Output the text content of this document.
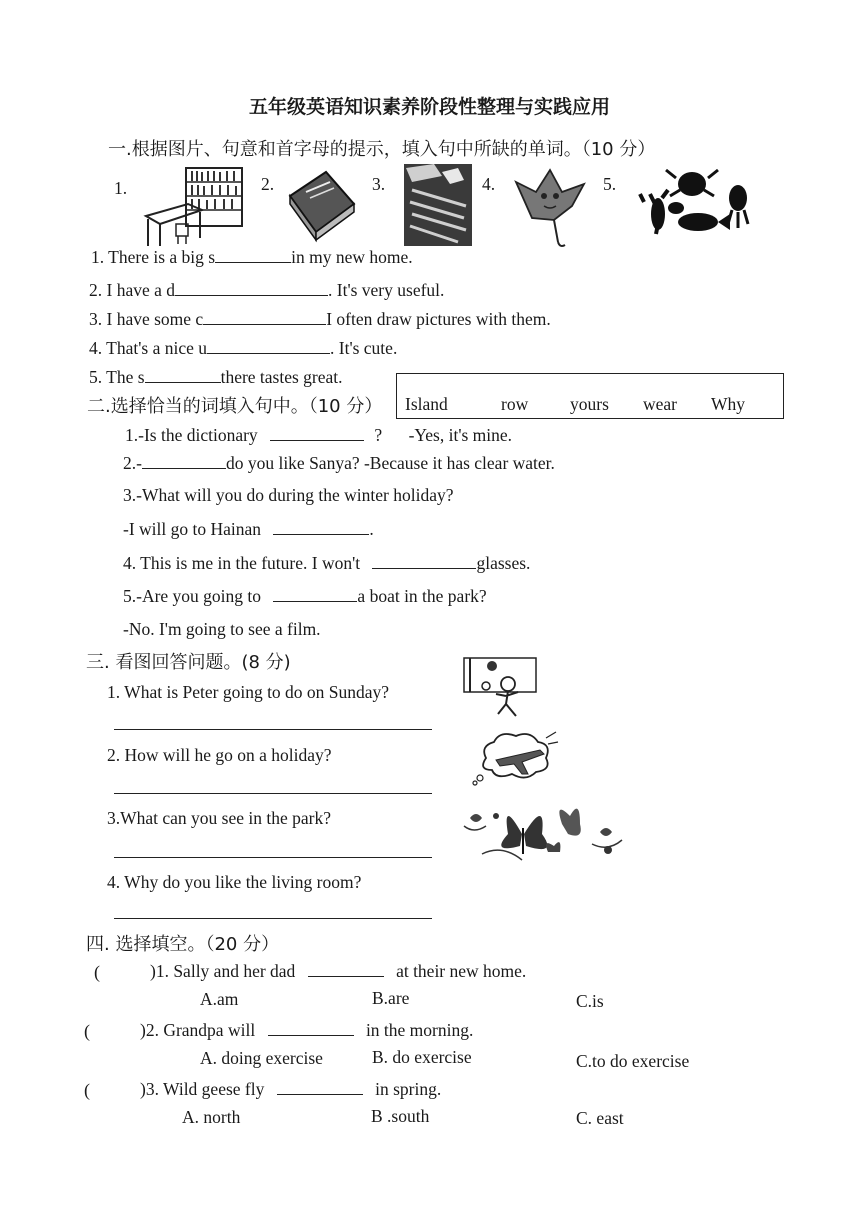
五年级英语知识素养阶段性整理与实践应用
一.根据图片、句意和首字母的提示，填入句中所缺的单词。（10 分）
1.	2.	3.	4.	5.
1. There is a big s	in my new home.
2. I have a d	. It's very useful.
3. I have some c	I often draw pictures with them.
4. That's a nice u	. It's cute.
5. The s	there tastes great.
二.选择恰当的词填入句中。（10 分） Island	row yours wear Why
1.-Is the dictionary	? -Yes, it's mine.
2.-	do you like Sanya? -Because it has clear water.
3.-What will you do during the winter holiday?
-I will go to Hainan	.
4. This is me in the future. I won't	glasses.
5.-Are you going to	a boat in the park?
-No. I'm going to see a film.
三. 看图回答问题。(8 分)
1. What is Peter going to do on Sunday?
2. How will he go on a holiday?
3.What can you see in the park?
4. Why do you like the living room?
四. 选择填空。（20 分）
(	)1. Sally and her dad	at their new home.
A.am	B.are	C.is
(	)2. Grandpa will	in the morning.
A. doing exercise	B. do exercise	C.to do exercise
(	)3. Wild geese fly	in spring.
A. north	B .south	C. east
